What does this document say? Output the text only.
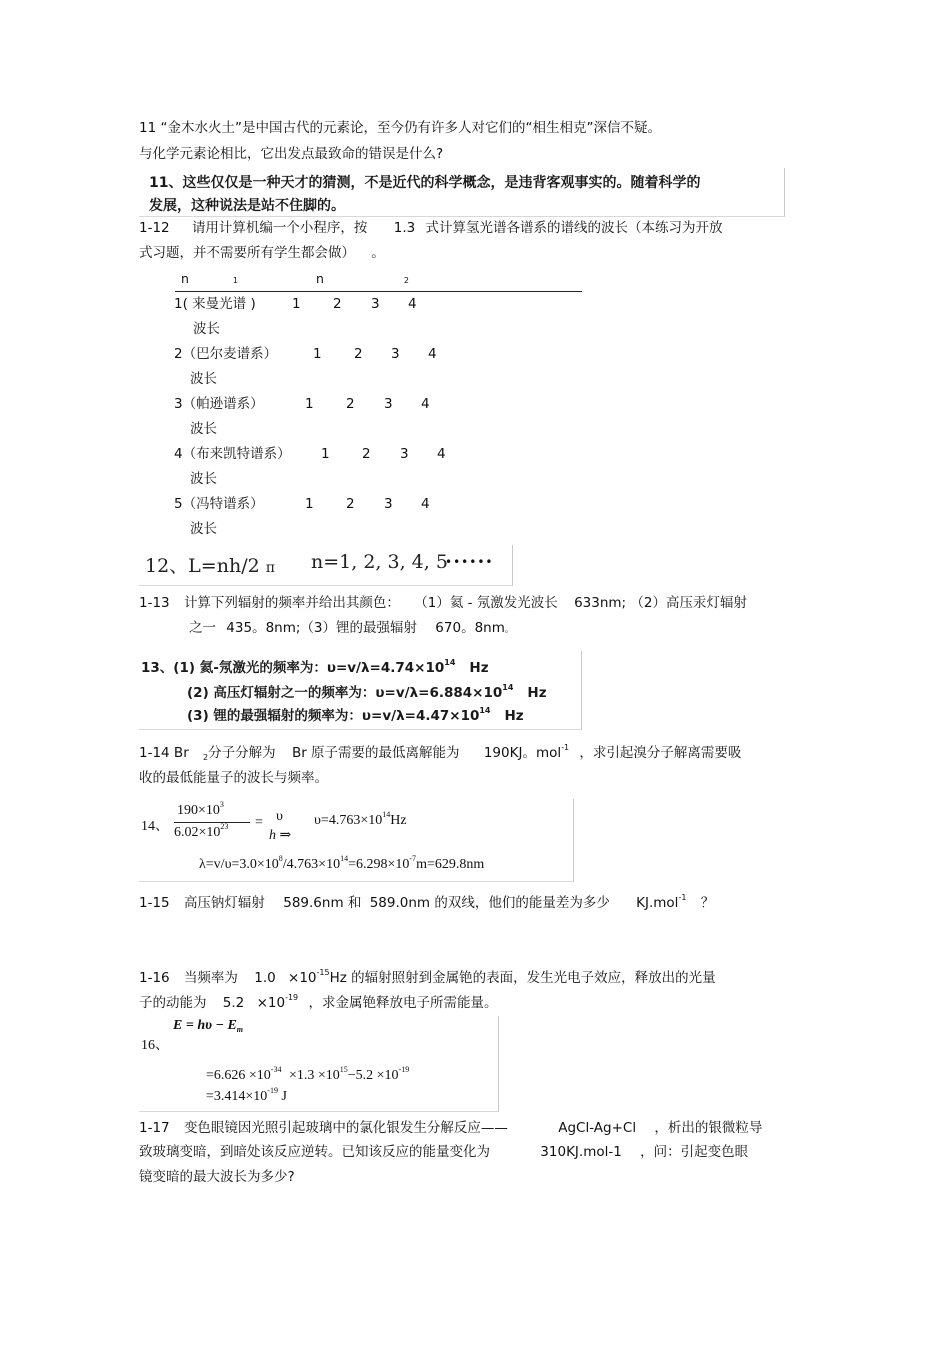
11 “金木水火土”是中国古代的元素论，至今仍有许多人对它们的“相生相克”深信不疑。
与化学元素论相比，它出发点最致命的错误是什么?
11、这些仅仅是一种天才的猜测，不是近代的科学概念，是违背客观事实的。随着科学的
发展，这种说法是站不住脚的。
1-12 请用计算机编一个小程序，按 1.3 式计算氢光谱各谱系的谱线的波长（本练习为开放
式习题，并不需要所有学生都会做） 。
n	1	n	2
1( 来曼光谱 )	1 2 3 4
波长
2（巴尔麦谱系）	1 2 3 4
波长
3（帕逊谱系）	1 2 3 4
波长
4（布来凯特谱系） 1 2 3 4
波长
5（冯特谱系）	1 2 3 4
波长
12、L=nh/2 π n=1, 2, 3, 4, 5
••••••
1-13 计算下列辐射的频率并给出其颜色： （1）氦 - 氖激发光波长 633nm; （2）高压汞灯辐射
之一 435。8nm;（3）锂的最强辐射 670。8nm。
13、(1) 氦-氖激光的频率为：$\upsilon=v/\lambda=4.74\times 10^{14}$ Hz
(2) 高压灯辐射之一的频率为：$\upsilon=v/\lambda=6.884\times 10^{14}$ Hz
(3) 锂的最强辐射的频率为：$\upsilon=v/\lambda=4.47\times 10^{14}$ Hz
1-14 Br $_2$分子分解为 Br 原子需要的最低离解能为 190KJ。mol$^{-1}$ ，求引起溴分子解离需要吸
收的最低能量子的波长与频率。
14、
$190\times 10^3$
$6.02\times 10^{23} = \upsilon$
h ⇒
$\upsilon=4.763\times 10^{14}Hz$
$\lambda=v/\upsilon=3.0\times 10^8/4.763\times 10^{14}=6.298\times 10^{-7}m=629.8nm$
1-15 高压钠灯辐射 589.6nm 和 589.0nm 的双线，他们的能量差为多少 KJ.mol$^{-1}$ ？
1-16 当频率为 $1.0 \times 10^{-15}Hz$ 的辐射照射到金属铯的表面，发生光电子效应，释放出的光量
子的动能为 $5.2 \times 10^{-19}$ ，求金属铯释放电子所需能量。
$E = h\upsilon - E_m$
16、
$=6.626 \times 10^{-34} \times 1.3 \times 10^{15}-5.2 \times 10^{-19}$
$=3.414\times 10^{-19}$ J
1-17 变色眼镜因光照引起玻璃中的氯化银发生分解反应——	AgCl-Ag+Cl ，析出的银微粒导
致玻璃变暗，到暗处该反应逆转。已知该反应的能量变化为	310KJ.mol-1 ，问：引起变色眼
镜变暗的最大波长为多少?
